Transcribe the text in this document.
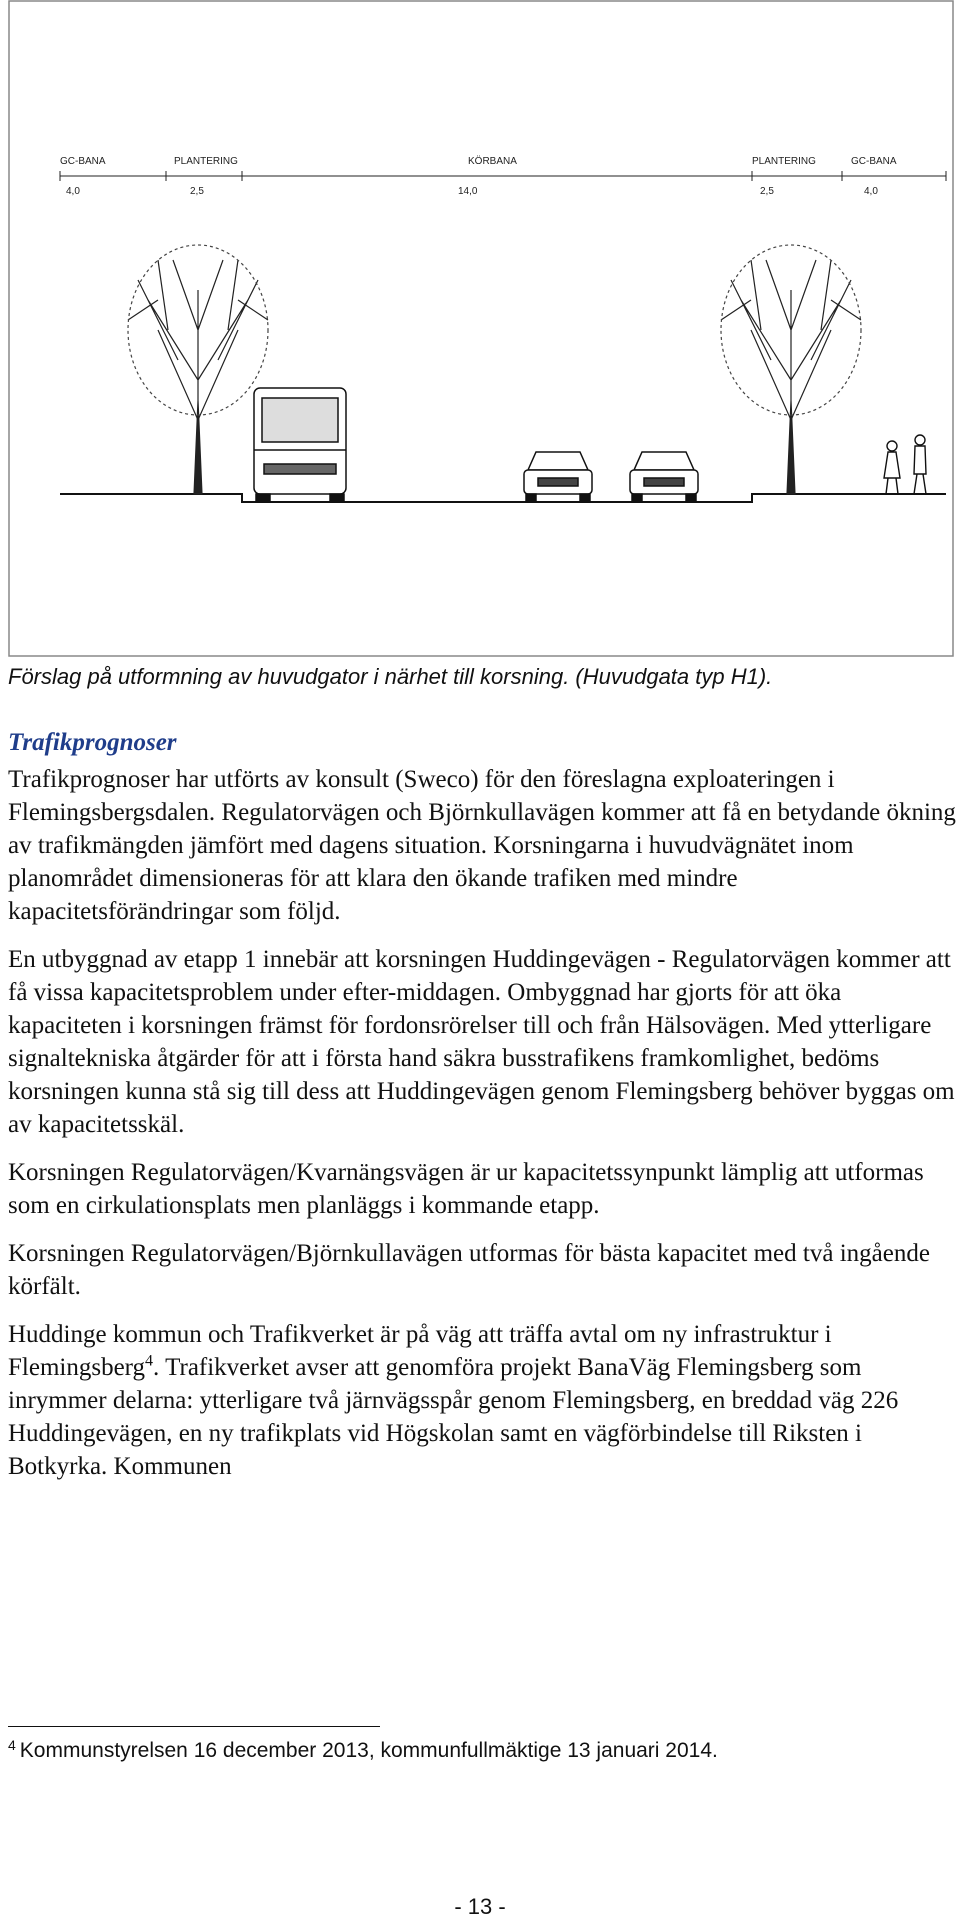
GC-BANA	PLANTERING	KÖRBANA	PLANTERING	GC-BANA
4,0	2,5	14,0	2,5	4,0
Förslag på utformning av huvudgator i närhet till korsning. (Huvudgata typ H1).
Trafikprognoser

Trafikprognoser har utförts av konsult (Sweco) för den föreslagna exploateringen i Flemingsbergsdalen. Regulatorvägen och Björnkullavägen kommer att få en betydande ökning av trafikmängden jämfört med dagens situation. Korsningarna i huvudvägnätet inom planområdet dimensioneras för att klara den ökande trafiken med mindre kapacitetsförändringar som följd.

En utbyggnad av etapp 1 innebär att korsningen Huddingevägen - Regulatorvägen kommer att få vissa kapacitetsproblem under efter-middagen. Ombyggnad har gjorts för att öka kapaciteten i korsningen främst för fordonsrörelser till och från Hälsovägen. Med ytterligare signaltekniska åtgärder för att i första hand säkra busstrafikens framkomlighet, bedöms korsningen kunna stå sig till dess att Huddingevägen genom Flemingsberg behöver byggas om av kapacitetsskäl.

Korsningen Regulatorvägen/Kvarnängsvägen är ur kapacitetssynpunkt lämplig att utformas som en cirkulationsplats men planläggs i kommande etapp.

Korsningen Regulatorvägen/Björnkullavägen utformas för bästa kapacitet med två ingående körfält.

Huddinge kommun och Trafikverket är på väg att träffa avtal om ny infrastruktur i Flemingsberg$^4$. Trafikverket avser att genomföra projekt BanaVäg Flemingsberg som inrymmer delarna: ytterligare två järnvägsspår genom Flemingsberg, en breddad väg 226 Huddingevägen, en ny trafikplats vid Högskolan samt en vägförbindelse till Riksten i Botkyrka. Kommunen

$^4$ Kommunstyrelsen 16 december 2013, kommunfullmäktige 13 januari 2014.
- 13 -
